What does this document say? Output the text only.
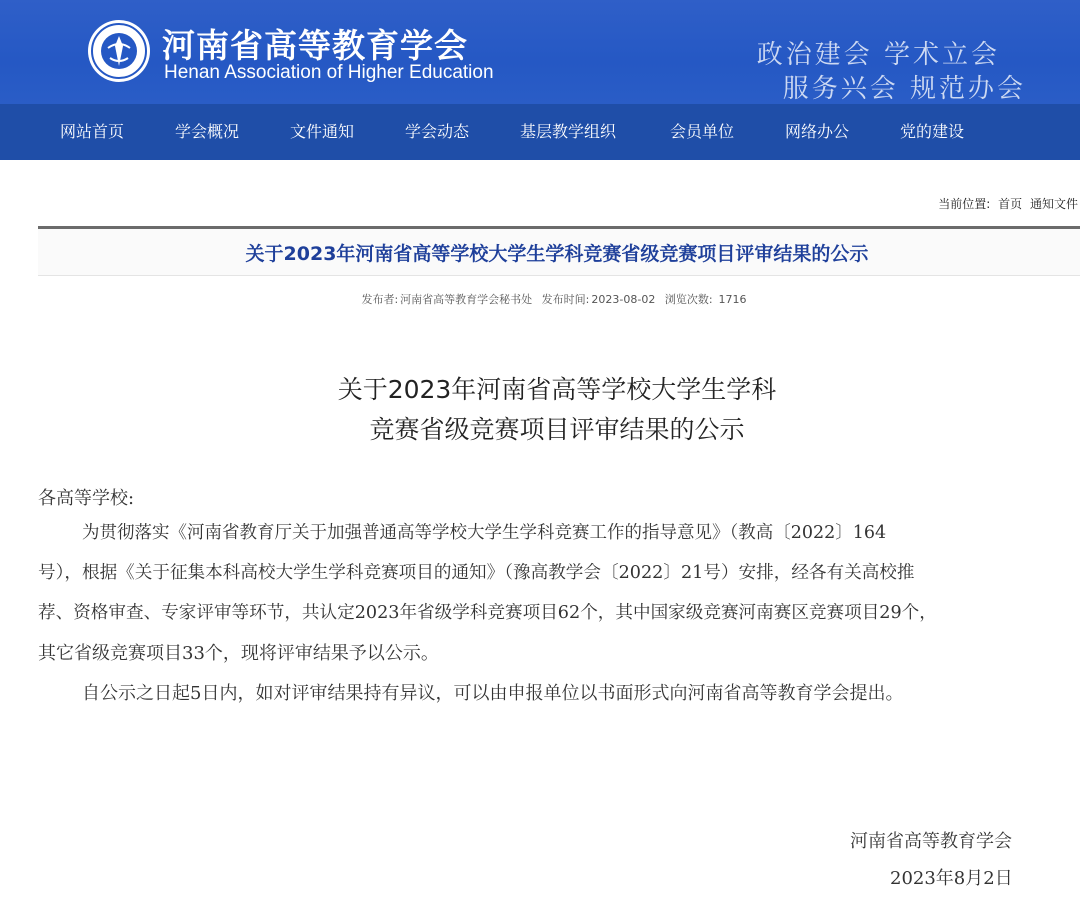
河南省高等教育学会
Henan Association of Higher Education
政治建会 学术立会
服务兴会 规范办会
网站首页	学会概况	文件通知	学会动态	基层教学组织	会员单位	网络办公	党的建设
当前位置: 首页 通知文件
关于2023年河南省高等学校大学生学科竞赛省级竞赛项目评审结果的公示
发布者: 河南省高等教育学会秘书处 发布时间: 2023-08-02 浏览次数: 1716
关于2023年河南省高等学校大学生学科
竞赛省级竞赛项目评审结果的公示
各高等学校:
为贯彻落实《河南省教育厅关于加强普通高等学校大学生学科竞赛工作的指导意见》（教高〔2022〕164
号），根据《关于征集本科高校大学生学科竞赛项目的通知》（豫高教学会〔2022〕21号）安排，经各有关高校推
荐、资格审查、专家评审等环节，共认定2023年省级学科竞赛项目62个，其中国家级竞赛河南赛区竞赛项目29个，
其它省级竞赛项目33个，现将评审结果予以公示。
自公示之日起5日内，如对评审结果持有异议，可以由申报单位以书面形式向河南省高等教育学会提出。
河南省高等教育学会
2023年8月2日
